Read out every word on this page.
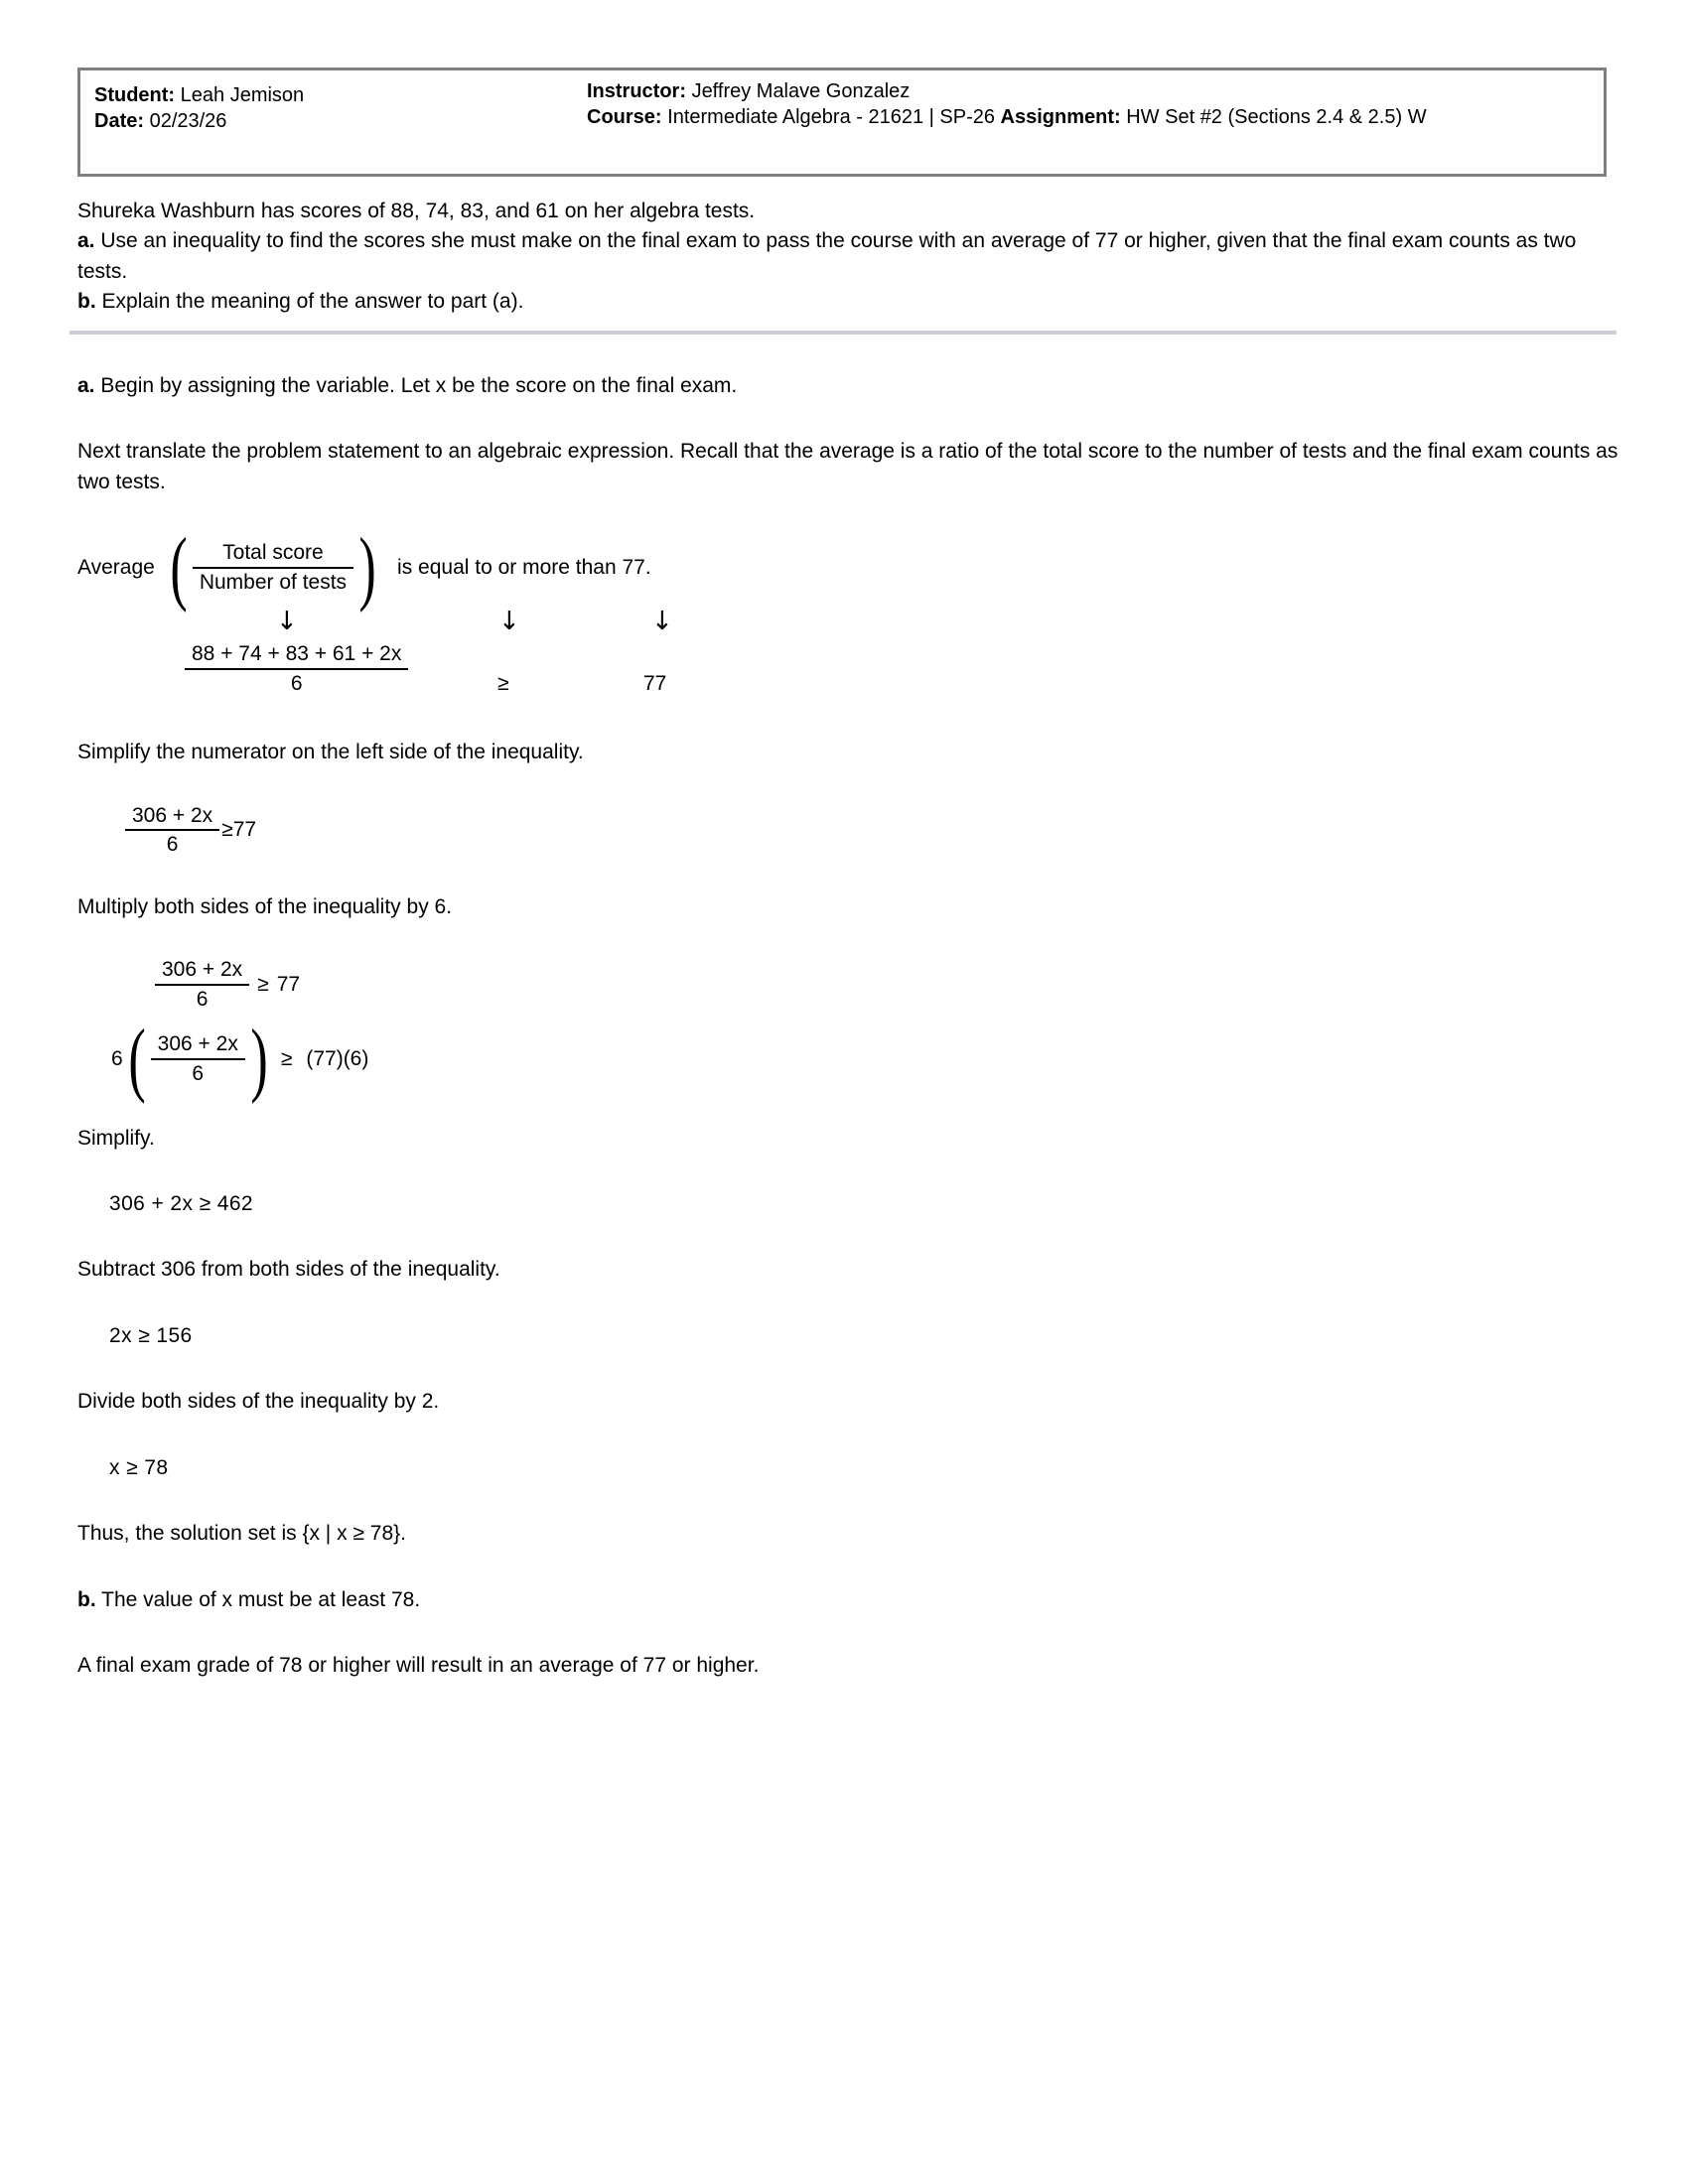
Student: Leah Jemison
Date: 02/23/26
Instructor: Jeffrey Malave Gonzalez
Course: Intermediate Algebra - 21621 | SP-26 Assignment: HW Set #2 (Sections 2.4 & 2.5) W

Shureka Washburn has scores of 88, 74, 83, and 61 on her algebra tests.

a. Use an inequality to find the scores she must make on the final exam to pass the course with an average of 77 or higher, given that the final exam counts as two tests.

b. Explain the meaning of the answer to part (a).

a. Begin by assigning the variable. Let x be the score on the final exam.

Next translate the problem statement to an algebraic expression. Recall that the average is a ratio of the total score to the number of tests and the final exam counts as two tests.

Average ( $\frac{\text{Total score}}{\text{Number of tests}}$ ) is equal to or more than 77.
↓	↓	↓
$\frac{88 + 74 + 83 + 61 + 2x}{6}$	≥	77

Simplify the numerator on the left side of the inequality.

$\frac{306 + 2x}{6} \ge 77$

Multiply both sides of the inequality by 6.

$\frac{306 + 2x}{6} \ge 77$
6 ( $\frac{306 + 2x}{6}$ ) ≥ (77)(6)

Simplify.

306 + 2x ≥ 462

Subtract 306 from both sides of the inequality.

2x ≥ 156

Divide both sides of the inequality by 2.

x ≥ 78

Thus, the solution set is {x | x ≥ 78}.

b. The value of x must be at least 78.

A final exam grade of 78 or higher will result in an average of 77 or higher.
